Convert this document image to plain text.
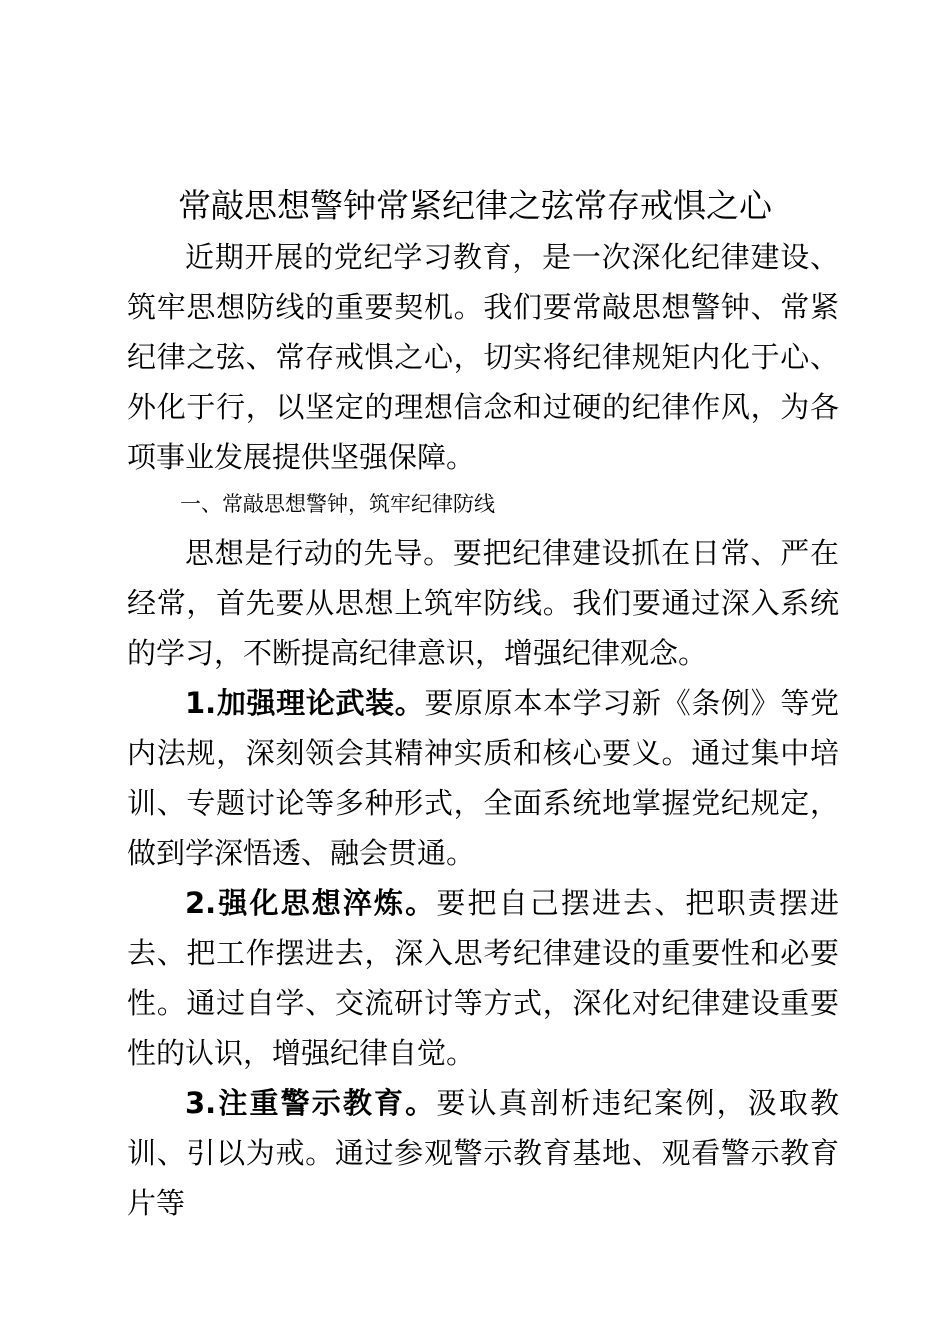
常敲思想警钟常紧纪律之弦常存戒惧之心

近期开展的党纪学习教育，是一次深化纪律建设、筑牢思想防线的重要契机。我们要常敲思想警钟、常紧纪律之弦、常存戒惧之心，切实将纪律规矩内化于心、外化于行，以坚定的理想信念和过硬的纪律作风，为各项事业发展提供坚强保障。

一、常敲思想警钟，筑牢纪律防线

思想是行动的先导。要把纪律建设抓在日常、严在经常，首先要从思想上筑牢防线。我们要通过深入系统的学习，不断提高纪律意识，增强纪律观念。

1.加强理论武装。要原原本本学习新《条例》等党内法规，深刻领会其精神实质和核心要义。通过集中培训、专题讨论等多种形式，全面系统地掌握党纪规定，做到学深悟透、融会贯通。

2.强化思想淬炼。要把自己摆进去、把职责摆进去、把工作摆进去，深入思考纪律建设的重要性和必要性。通过自学、交流研讨等方式，深化对纪律建设重要性的认识，增强纪律自觉。

3.注重警示教育。要认真剖析违纪案例，汲取教训、引以为戒。通过参观警示教育基地、观看警示教育片等
